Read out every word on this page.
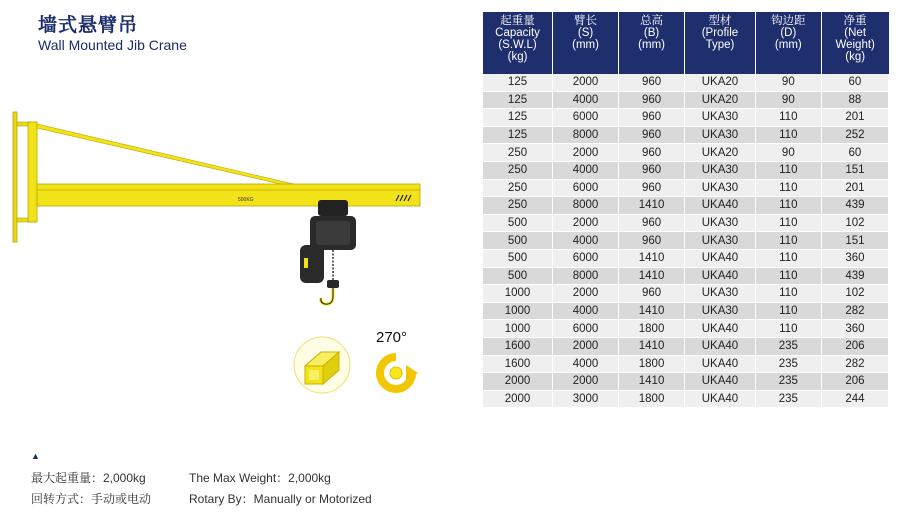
墙式悬臂吊
Wall Mounted Jib Crane
500KG
270°
起重量
Capacity
(S.W.L)
(kg)	臂长
(S)
(mm)	总高
(B)
(mm)	型材
(Profile
Type)	钩边距
(D)
(mm)	净重
(Net
Weight)
(kg)
125	2000	960	UKA20	90	60
125	4000	960	UKA20	90	88
125	6000	960	UKA30	110	201
125	8000	960	UKA30	110	252
250	2000	960	UKA20	90	60
250	4000	960	UKA30	110	151
250	6000	960	UKA30	110	201
250	8000	1410	UKA40	110	439
500	2000	960	UKA30	110	102
500	4000	960	UKA30	110	151
500	6000	1410	UKA40	110	360
500	8000	1410	UKA40	110	439
1000	2000	960	UKA30	110	102
1000	4000	1410	UKA30	110	282
1000	6000	1800	UKA40	110	360
1600	2000	1410	UKA40	235	206
1600	4000	1800	UKA40	235	282
2000	2000	1410	UKA40	235	206
2000	3000	1800	UKA40	235	244
▲
最大起重量：2,000kg
回转方式：手动或电动
The Max Weight：2,000kg
Rotary By：Manually or Motorized
